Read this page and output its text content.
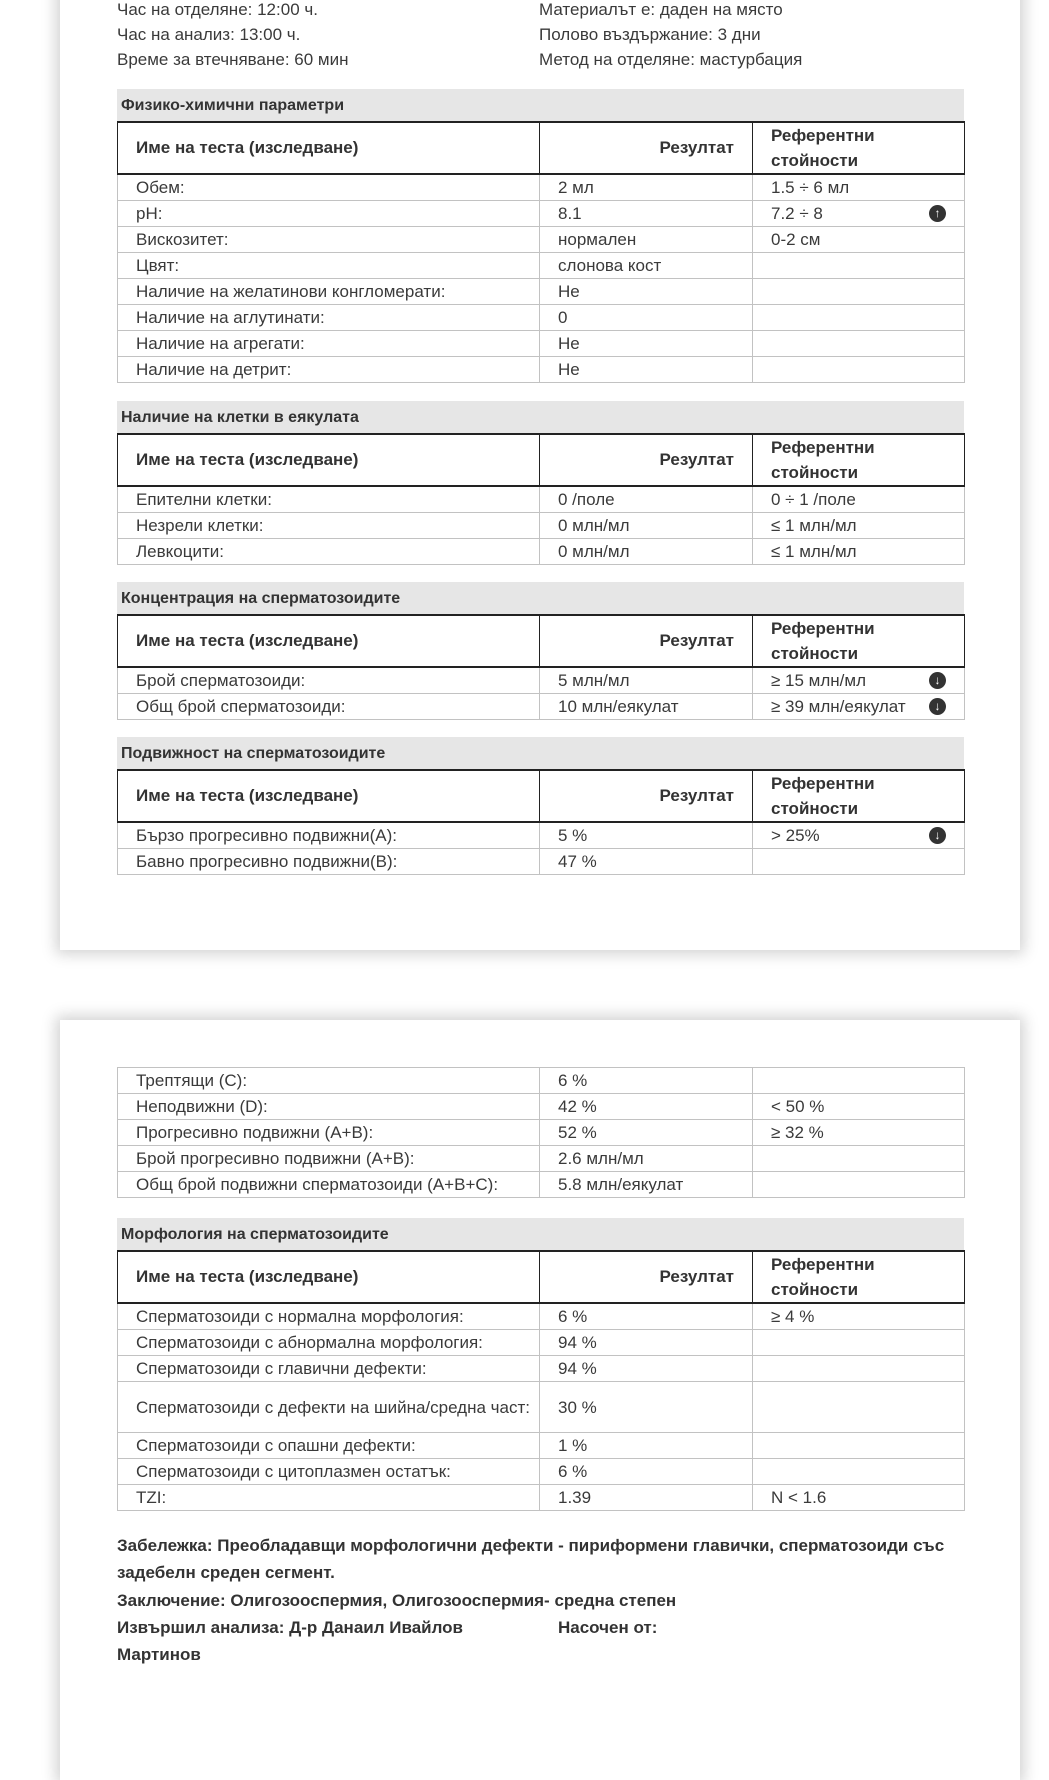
Час на отделяне: 12:00 ч.
Час на анализ: 13:00 ч.
Време за втечняване: 60 мин
Материалът е: даден на място
Полово въздържание: 3 дни
Метод на отделяне: мастурбация
Физико-химични параметри
Име на теста (изследване)	Резултат	Референтни стойности
Обем:	2 мл	1.5 ÷ 6 мл
pH:	8.1	7.2 ÷ 8 ↑

Вискозитет:	нормален	0-2 см
Цвят:	слонова кост	
Наличие на желатинови конгломерати:	Не	
Наличие на аглутинати:	0	
Наличие на агрегати:	Не	
Наличие на детрит:	Не	
Наличие на клетки в еякулата
Име на теста (изследване)	Резултат	Референтни стойности
Епителни клетки:	0 /поле	0 ÷ 1 /поле
Незрели клетки:	0 млн/мл	≤ 1 млн/мл
Левкоцити:	0 млн/мл	≤ 1 млн/мл
Концентрация на сперматозоидите
Име на теста (изследване)	Резултат	Референтни стойности
Брой сперматозоиди:	5 млн/мл	≥ 15 млн/мл ↓

Общ брой сперматозоиди:	10 млн/еякулат	≥ 39 млн/еякулат ↓
Подвижност на сперматозоидите
Име на теста (изследване)	Резултат	Референтни стойности
Бързо прогресивно подвижни(А):	5 %	> 25% ↓

Бавно прогресивно подвижни(В):	47 %	
Трептящи (С):	6 %	
Неподвижни (D):	42 %	< 50 %
Прогресивно подвижни (А+В):	52 %	≥ 32 %
Брой прогресивно подвижни (А+В):	2.6 млн/мл	
Общ брой подвижни сперматозоиди (А+В+С):	5.8 млн/еякулат	
Морфология на сперматозоидите
Име на теста (изследване)	Резултат	Референтни стойности
Сперматозоиди с нормална морфология:	6 %	≥ 4 %
Сперматозоиди с абнормална морфология:	94 %	
Сперматозоиди с главични дефекти:	94 %	
Сперматозоиди с дефекти на шийна/средна част:	30 %	
Сперматозоиди с опашни дефекти:	1 %	
Сперматозоиди с цитоплазмен остатък:	6 %	
TZI:	1.39	N < 1.6
Забележка: Преобладавщи морфологични дефекти - пириформени главички, сперматозоиди със задебелн среден сегмент.
Заключение: Олигозооспермия, Олигозооспермия- средна степен
Извършил анализа: Д-р Данаил Ивайлов Мартинов
Насочен от:
